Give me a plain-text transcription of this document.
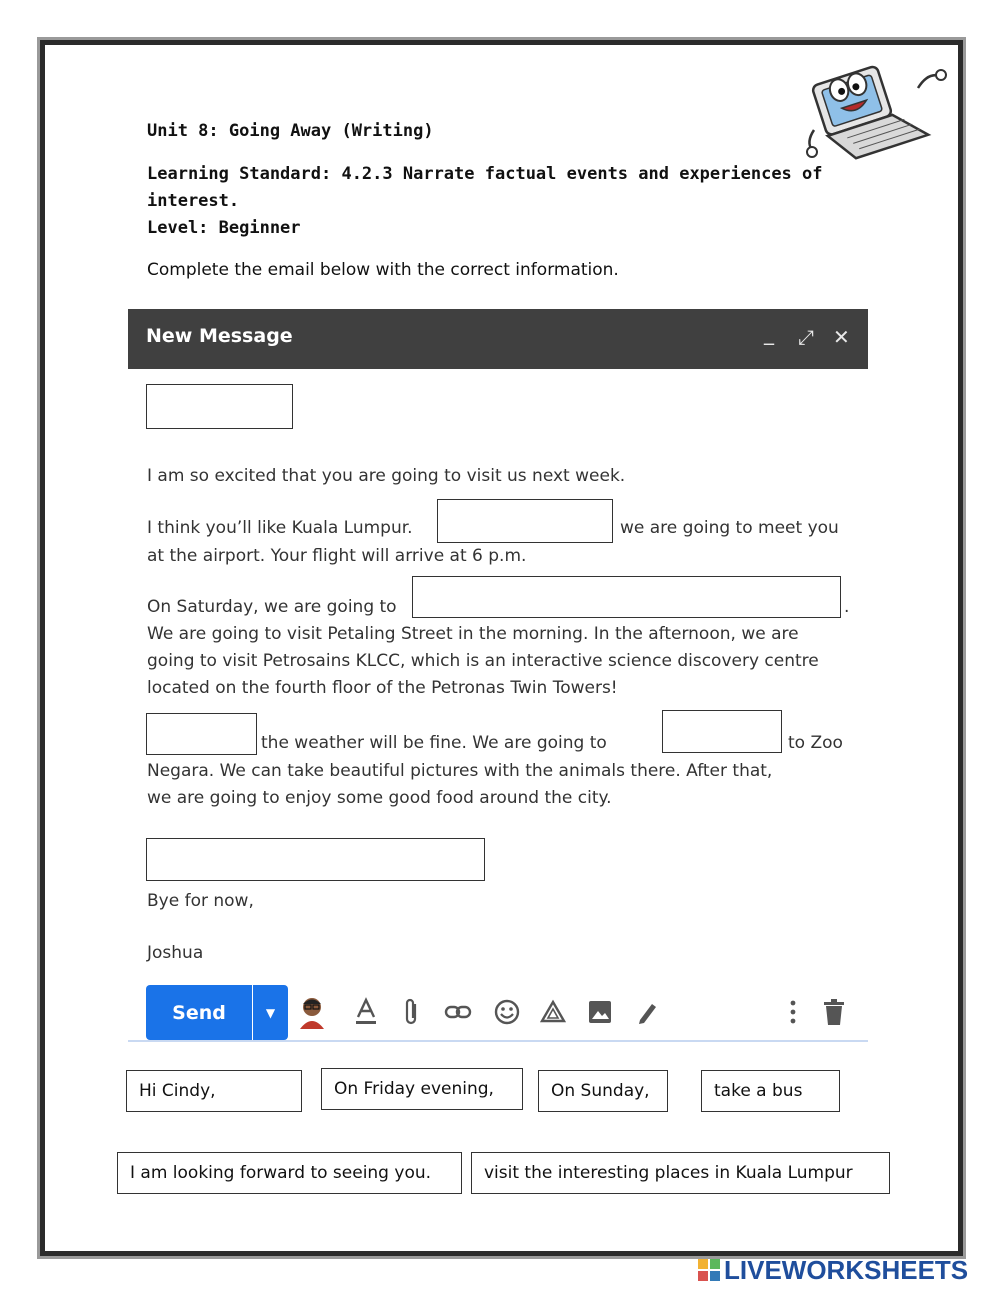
Unit 8: Going Away (Writing)
Learning Standard: 4.2.3 Narrate factual events and experiences of
interest.
Level: Beginner
Complete the email below with the correct information.
New Message	_ ⤢ ✕
I am so excited that you are going to visit us next week.
I think you’ll like Kuala Lumpur.	we are going to meet you
at the airport. Your flight will arrive at 6 p.m.
On Saturday, we are going to	.
We are going to visit Petaling Street in the morning. In the afternoon, we are
going to visit Petrosains KLCC, which is an interactive science discovery centre
located on the fourth floor of the Petronas Twin Towers!
the weather will be fine. We are going to	to Zoo
Negara. We can take beautiful pictures with the animals there. After that,
we are going to enjoy some good food around the city.
Bye for now,
Joshua
Send	▼
Hi Cindy,	On Friday evening,	On Sunday,	take a bus
I am looking forward to seeing you.	visit the interesting places in Kuala Lumpur
LIVEWORKSHEETS
